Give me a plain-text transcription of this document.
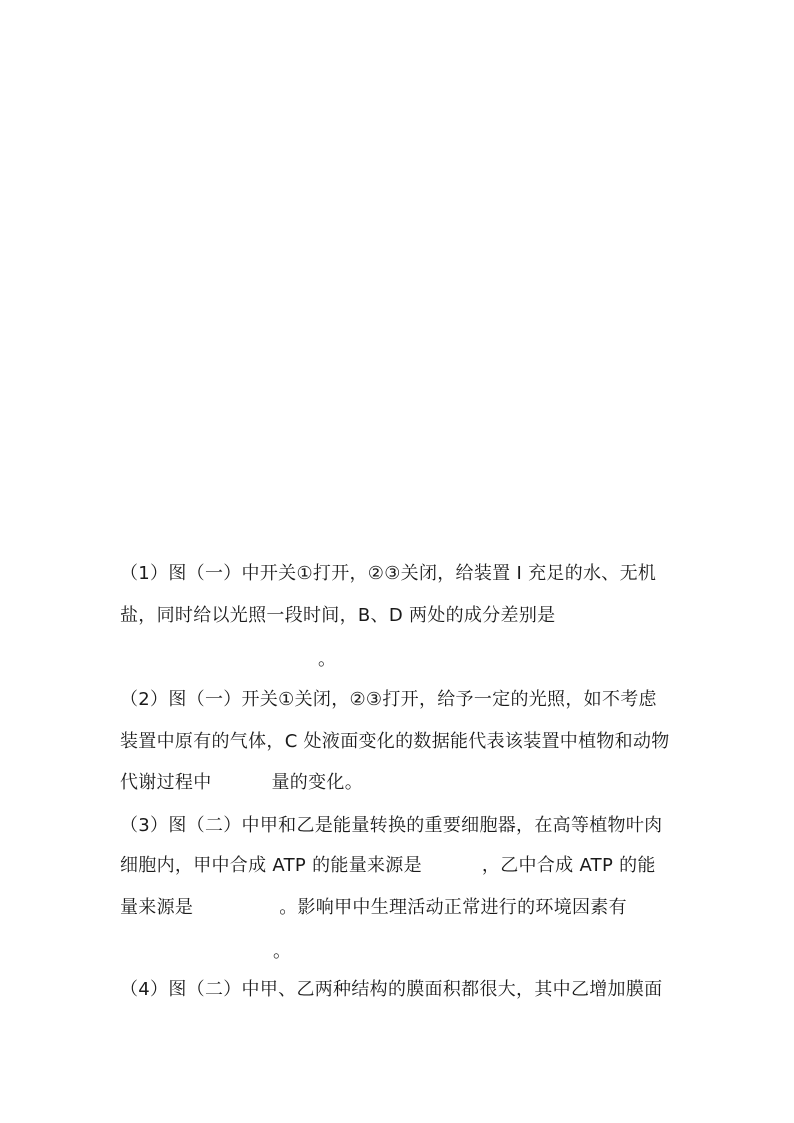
（1）图（一）中开关①打开，②③关闭，给装置 I 充足的水、无机
盐，同时给以光照一段时间，B、D 两处的成分差别是
。
（2）图（一）开关①关闭，②③打开，给予一定的光照，如不考虑
装置中原有的气体，C 处液面变化的数据能代表该装置中植物和动物
代谢过程中	量的变化。
（3）图（二）中甲和乙是能量转换的重要细胞器，在高等植物叶肉
细胞内，甲中合成 ATP 的能量来源是	，乙中合成 ATP 的能
量来源是	。影响甲中生理活动正常进行的环境因素有
。
（4）图（二）中甲、乙两种结构的膜面积都很大，其中乙增加膜面
